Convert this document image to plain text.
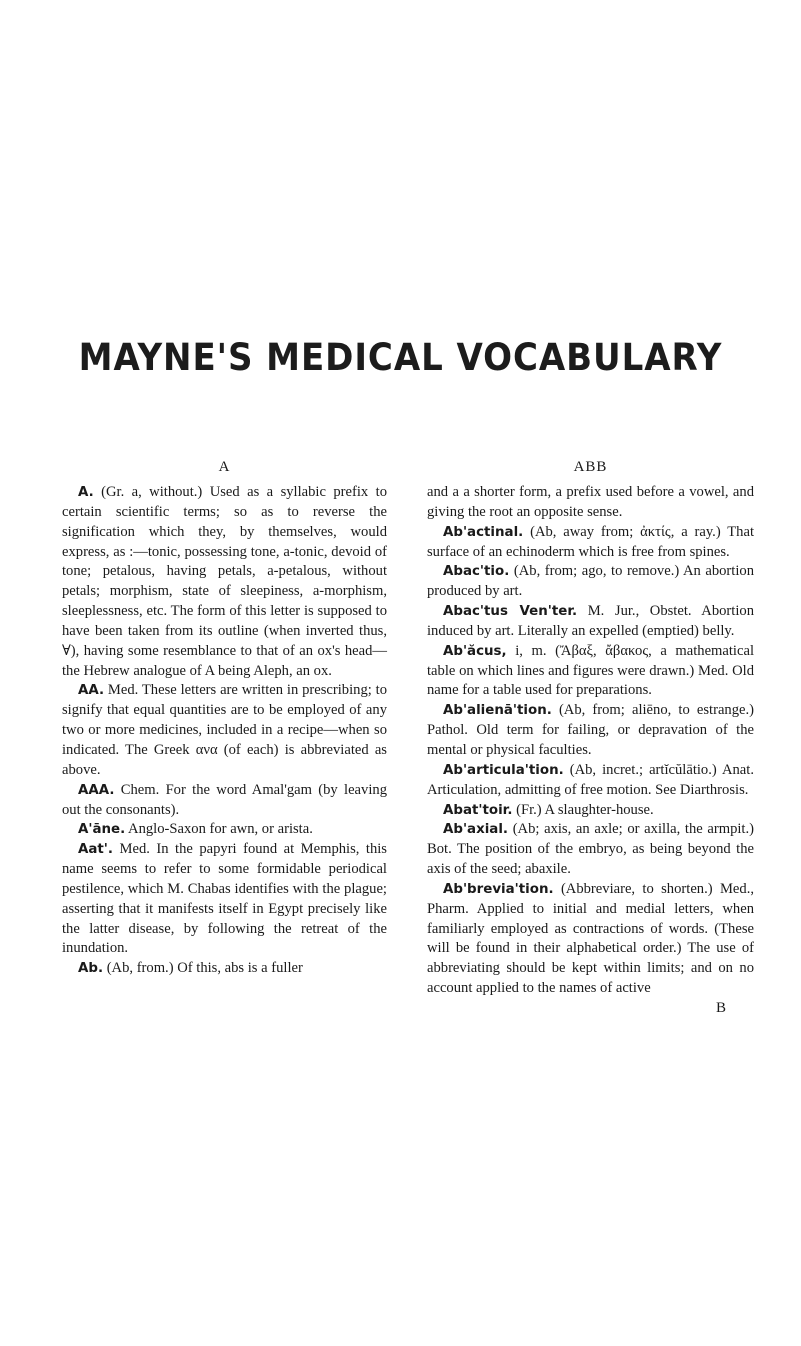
MAYNE'S MEDICAL VOCABULARY
A

A. (Gr. a, without.) Used as a syllabic prefix to certain scientific terms; so as to reverse the signification which they, by themselves, would express, as :—tonic, possessing tone, a-tonic, devoid of tone; petalous, having petals, a-petalous, without petals; morphism, state of sleepiness, a-morphism, sleeplessness, etc. The form of this letter is supposed to have been taken from its outline (when inverted thus, ∀), having some resemblance to that of an ox's head—the Hebrew analogue of A being Aleph, an ox.

AA. Med. These letters are written in prescribing; to signify that equal quantities are to be employed of any two or more medicines, included in a recipe—when so indicated. The Greek ανα (of each) is abbreviated as above.

AAA. Chem. For the word Amal'gam (by leaving out the consonants).

A'āne. Anglo-Saxon for awn, or arista.

Aat'. Med. In the papyri found at Memphis, this name seems to refer to some formidable periodical pestilence, which M. Chabas identifies with the plague; asserting that it manifests itself in Egypt precisely like the latter disease, by following the retreat of the inundation.

Ab. (Ab, from.) Of this, abs is a fuller

ABB

and a a shorter form, a prefix used before a vowel, and giving the root an opposite sense.

Ab'actinal. (Ab, away from; ἀκτίς, a ray.) That surface of an echinoderm which is free from spines.

Abac'tio. (Ab, from; ago, to remove.) An abortion produced by art.

Abac'tus Ven'ter. M. Jur., Obstet. Abortion induced by art. Literally an expelled (emptied) belly.

Ab'ăcus, i, m. (Ἄβαξ, ἄβακος, a mathematical table on which lines and figures were drawn.) Med. Old name for a table used for preparations.

Ab'alienā'tion. (Ab, from; aliēno, to estrange.) Pathol. Old term for failing, or depravation of the mental or physical faculties.

Ab'articula'tion. (Ab, incret.; artĭcŭlātio.) Anat. Articulation, admitting of free motion. See Diarthrosis.

Abat'toir. (Fr.) A slaughter-house.

Ab'axial. (Ab; axis, an axle; or axilla, the armpit.) Bot. The position of the embryo, as being beyond the axis of the seed; abaxile.

Ab'brevia'tion. (Abbreviare, to shorten.) Med., Pharm. Applied to initial and medial letters, when familiarly employed as contractions of words. (These will be found in their alphabetical order.) The use of abbreviating should be kept within limits; and on no account applied to the names of active

B
